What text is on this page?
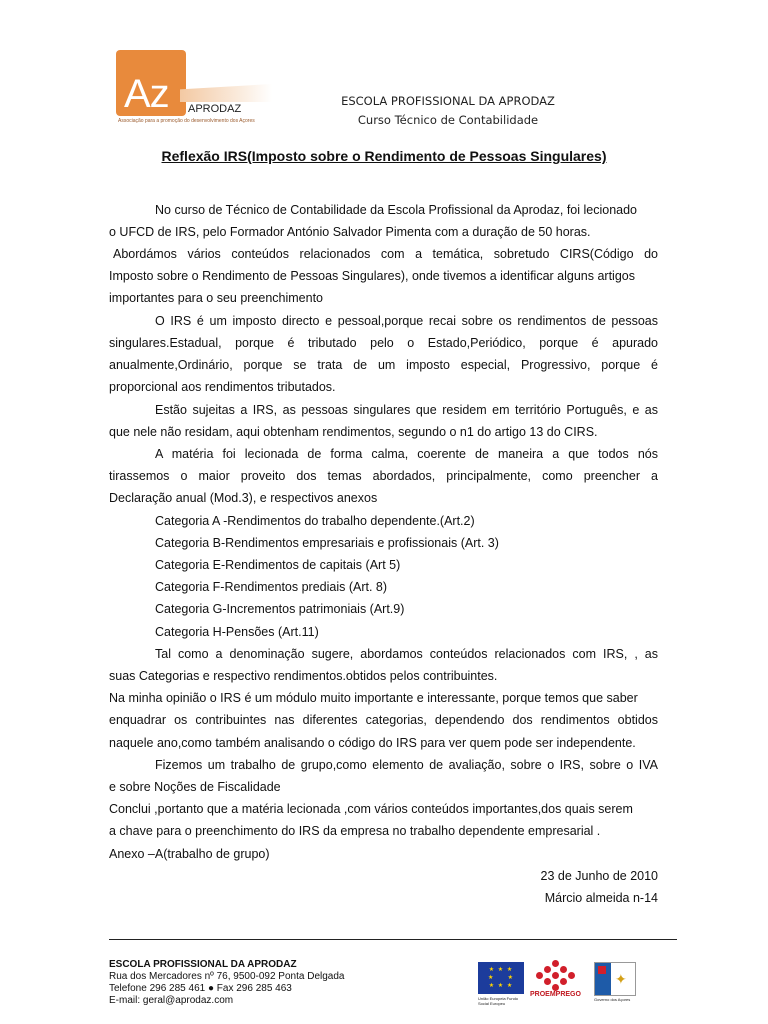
Az APRODAZ
Associação para a promoção do desenvolvimento dos Açores
ESCOLA PROFISSIONAL DA APRODAZ
Curso Técnico de Contabilidade
Reflexão IRS(Imposto sobre o Rendimento de Pessoas Singulares)
No curso de Técnico de Contabilidade da Escola Profissional da Aprodaz, foi lecionado
o UFCD de IRS, pelo Formador António Salvador Pimenta com a duração de 50 horas.
Abordámos vários conteúdos relacionados com a temática, sobretudo CIRS(Código do
Imposto sobre o Rendimento de Pessoas Singulares), onde tivemos a identificar alguns artigos
importantes para o seu preenchimento
O IRS é um imposto directo e pessoal,porque recai sobre os rendimentos de pessoas
singulares.Estadual, porque é tributado pelo o Estado,Periódico, porque é apurado
anualmente,Ordinário, porque se trata de um imposto especial, Progressivo, porque é
proporcional aos rendimentos tributados.
Estão sujeitas a IRS, as pessoas singulares que residem em território Português, e as
que nele não residam, aqui obtenham rendimentos, segundo o n1 do artigo 13 do CIRS.
A matéria foi lecionada de forma calma, coerente de maneira a que todos nós
tirassemos o maior proveito dos temas abordados, principalmente, como preencher a
Declaração anual (Mod.3), e respectivos anexos
Categoria A -Rendimentos do trabalho dependente.(Art.2)
Categoria B-Rendimentos empresariais e profissionais (Art. 3)
Categoria E-Rendimentos de capitais (Art 5)
Categoria F-Rendimentos prediais (Art. 8)
Categoria G-Incrementos patrimoniais (Art.9)
Categoria H-Pensões (Art.11)
Tal como a denominação sugere, abordamos conteúdos relacionados com IRS, , as
suas Categorias e respectivo rendimentos.obtidos pelos contribuintes.
Na minha opinião o IRS é um módulo muito importante e interessante, porque temos que saber
enquadrar os contribuintes nas diferentes categorias, dependendo dos rendimentos obtidos
naquele ano,como também analisando o código do IRS para ver quem pode ser independente.
Fizemos um trabalho de grupo,como elemento de avaliação, sobre o IRS, sobre o IVA
e sobre Noções de Fiscalidade
Conclui ,portanto que a matéria lecionada ,com vários conteúdos importantes,dos quais serem
a chave para o preenchimento do IRS da empresa no trabalho dependente empresarial .
Anexo –A(trabalho de grupo)
23 de Junho de 2010
Márcio almeida n-14
ESCOLA PROFISSIONAL DA APRODAZ
Rua dos Mercadores nº 76, 9500-092 Ponta Delgada
Telefone 296 285 461 ● Fax 296 285 463
E-mail: geral@aprodaz.com
★ ★ ★
★     ★
★ ★ ★
União Europeia Fundo Social Europeu
PROEMPREGO
✦
Governo dos Açores
